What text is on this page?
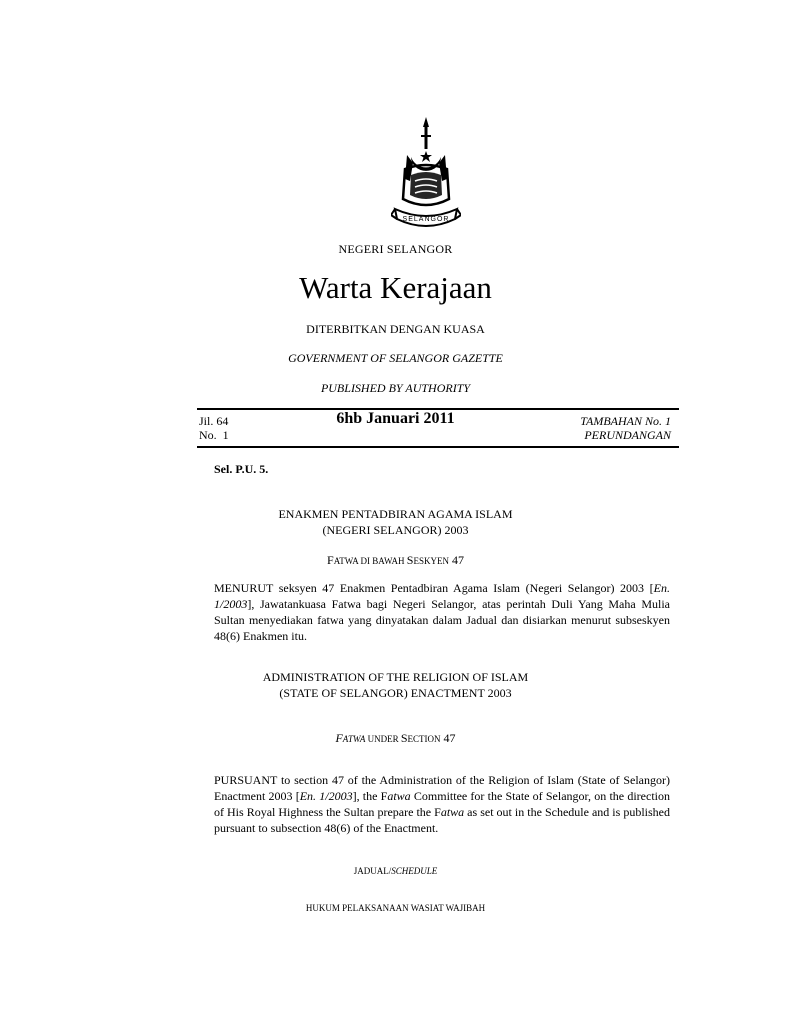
SELANGOR
NEGERI SELANGOR
Warta Kerajaan
DITERBITKAN DENGAN KUASA
GOVERNMENT OF SELANGOR GAZETTE
PUBLISHED BY AUTHORITY
Jil. 64
No.  1
6hb Januari 2011	TAMBAHAN No. 1
PERUNDANGAN
Sel. P.U. 5.
ENAKMEN PENTADBIRAN AGAMA ISLAM
(NEGERI SELANGOR) 2003
FATWA DI BAWAH SESKYEN 47
MENURUT seksyen 47 Enakmen Pentadbiran Agama Islam (Negeri Selangor) 2003 [En. 1/2003], Jawatankuasa Fatwa bagi Negeri Selangor, atas perintah Duli Yang Maha Mulia Sultan menyediakan fatwa yang dinyatakan dalam Jadual dan disiarkan menurut subseskyen 48(6) Enakmen itu.
ADMINISTRATION OF THE RELIGION OF ISLAM
(STATE OF SELANGOR) ENACTMENT 2003
FATWA UNDER SECTION 47
PURSUANT to section 47 of the Administration of the Religion of Islam (State of Selangor) Enactment 2003 [En. 1/2003], the Fatwa Committee for the State of Selangor, on the direction of His Royal Highness the Sultan prepare the Fatwa as set out in the Schedule and is published pursuant to subsection 48(6) of the Enactment.
JADUAL/SCHEDULE
HUKUM PELAKSANAAN WASIAT WAJIBAH
